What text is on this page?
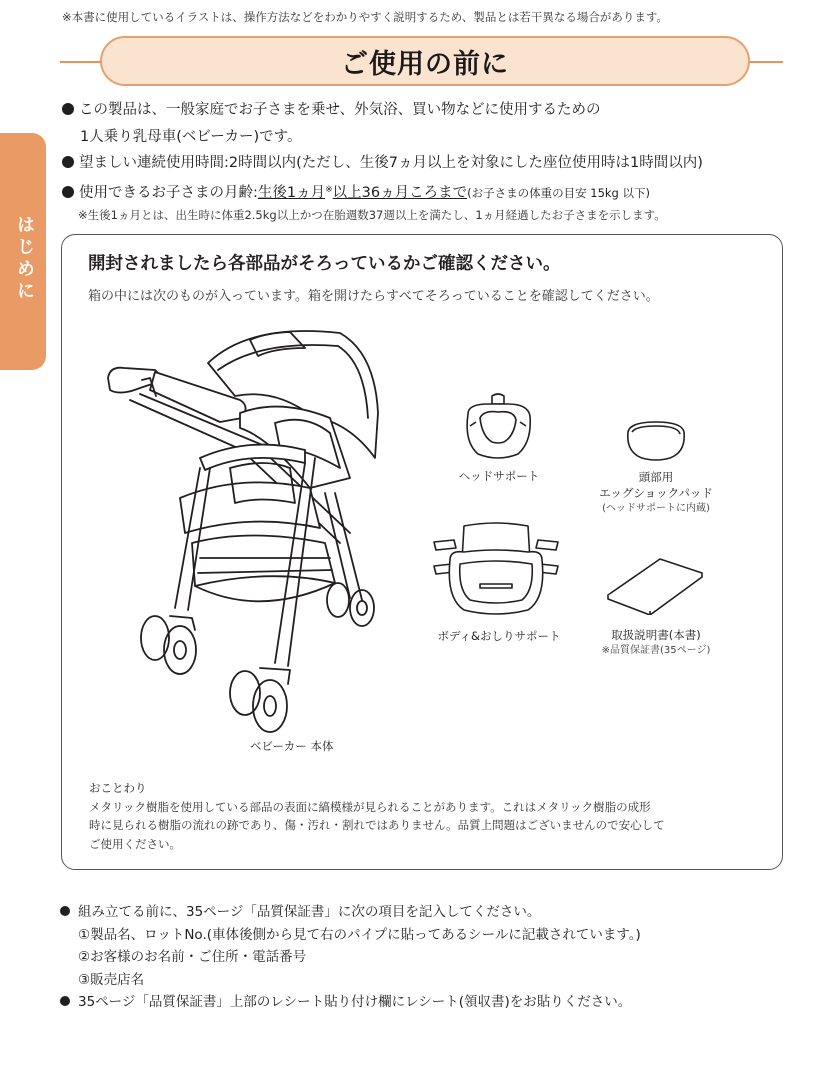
※本書に使用しているイラストは、操作方法などをわかりやすく説明するため、製品とは若干異なる場合があります。
ご使用の前に
はじめに
この製品は、一般家庭でお子さまを乗せ、外気浴、買い物などに使用するための
1人乗り乳母車(ベビーカー)です。
望ましい連続使用時間:2時間以内(ただし、生後7ヵ月以上を対象にした座位使用時は1時間以内)
使用できるお子さまの月齢:生後1ヵ月※以上36ヵ月ころまで(お子さまの体重の目安 15kg 以下)
※生後1ヵ月とは、出生時に体重2.5kg以上かつ在胎週数37週以上を満たし、1ヵ月経過したお子さまを示します。
開封されましたら各部品がそろっているかご確認ください。
箱の中には次のものが入っています。箱を開けたらすべてそろっていることを確認してください。
ベビーカー 本体
ヘッドサポート	頭部用
エッグショックパッド
(ヘッドサポートに内蔵)
ボディ&おしりサポート	取扱説明書(本書)
※品質保証書(35ページ)
おことわり
メタリック樹脂を使用している部品の表面に縞模様が見られることがあります。これはメタリック樹脂の成形
時に見られる樹脂の流れの跡であり、傷・汚れ・割れではありません。品質上問題はございませんので安心して
ご使用ください。
組み立てる前に、35ページ「品質保証書」に次の項目を記入してください。
①製品名、ロットNo.(車体後側から見て右のパイプに貼ってあるシールに記載されています。)
②お客様のお名前・ご住所・電話番号
③販売店名
35ページ「品質保証書」上部のレシート貼り付け欄にレシート(領収書)をお貼りください。
